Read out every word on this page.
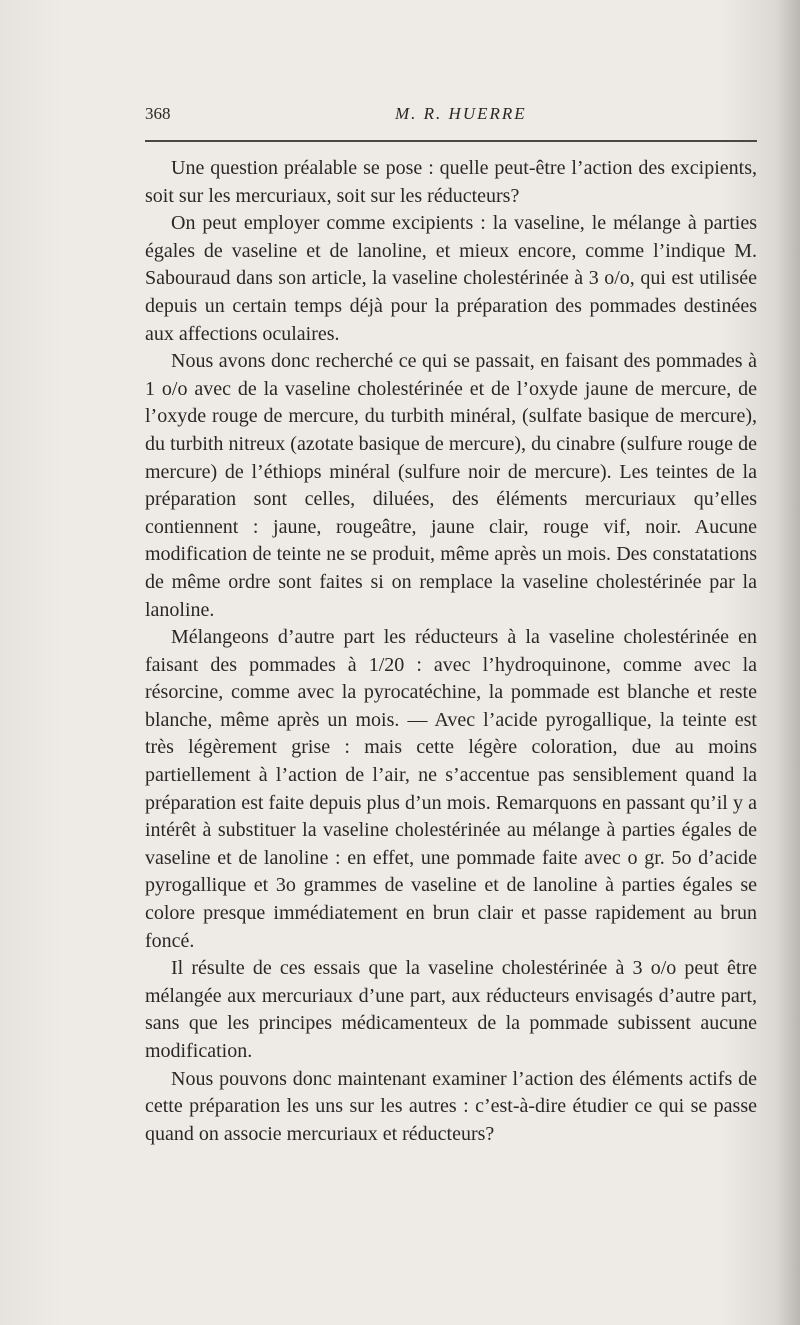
368	M. R. HUERRE

Une question préalable se pose : quelle peut-être l’action des excipients, soit sur les mercuriaux, soit sur les réducteurs?

On peut employer comme excipients : la vaseline, le mélange à parties égales de vaseline et de lanoline, et mieux encore, comme l’indique M. Sabouraud dans son article, la vaseline cholestérinée à 3 o/o, qui est utilisée depuis un certain temps déjà pour la préparation des pommades destinées aux affections oculaires.

Nous avons donc recherché ce qui se passait, en faisant des pommades à 1 o/o avec de la vaseline cholestérinée et de l’oxyde jaune de mercure, de l’oxyde rouge de mercure, du turbith minéral, (sulfate basique de mercure), du turbith nitreux (azotate basique de mercure), du cinabre (sulfure rouge de mercure) de l’éthiops minéral (sulfure noir de mercure). Les teintes de la préparation sont celles, diluées, des éléments mercuriaux qu’elles contiennent : jaune, rougeâtre, jaune clair, rouge vif, noir. Aucune modification de teinte ne se produit, même après un mois. Des constatations de même ordre sont faites si on remplace la vaseline cholestérinée par la lanoline.

Mélangeons d’autre part les réducteurs à la vaseline cholestérinée en faisant des pommades à 1/20 : avec l’hydroquinone, comme avec la résorcine, comme avec la pyrocatéchine, la pommade est blanche et reste blanche, même après un mois. — Avec l’acide pyrogallique, la teinte est très légèrement grise : mais cette légère coloration, due au moins partiellement à l’action de l’air, ne s’accentue pas sensiblement quand la préparation est faite depuis plus d’un mois. Remarquons en passant qu’il y a intérêt à substituer la vaseline cholestérinée au mélange à parties égales de vaseline et de lanoline : en effet, une pommade faite avec o gr. 5o d’acide pyrogallique et 3o grammes de vaseline et de lanoline à parties égales se colore presque immédiatement en brun clair et passe rapidement au brun foncé.

Il résulte de ces essais que la vaseline cholestérinée à 3 o/o peut être mélangée aux mercuriaux d’une part, aux réducteurs envisagés d’autre part, sans que les principes médicamenteux de la pommade subissent aucune modification.

Nous pouvons donc maintenant examiner l’action des éléments actifs de cette préparation les uns sur les autres : c’est-à-dire étudier ce qui se passe quand on associe mercuriaux et réducteurs?
